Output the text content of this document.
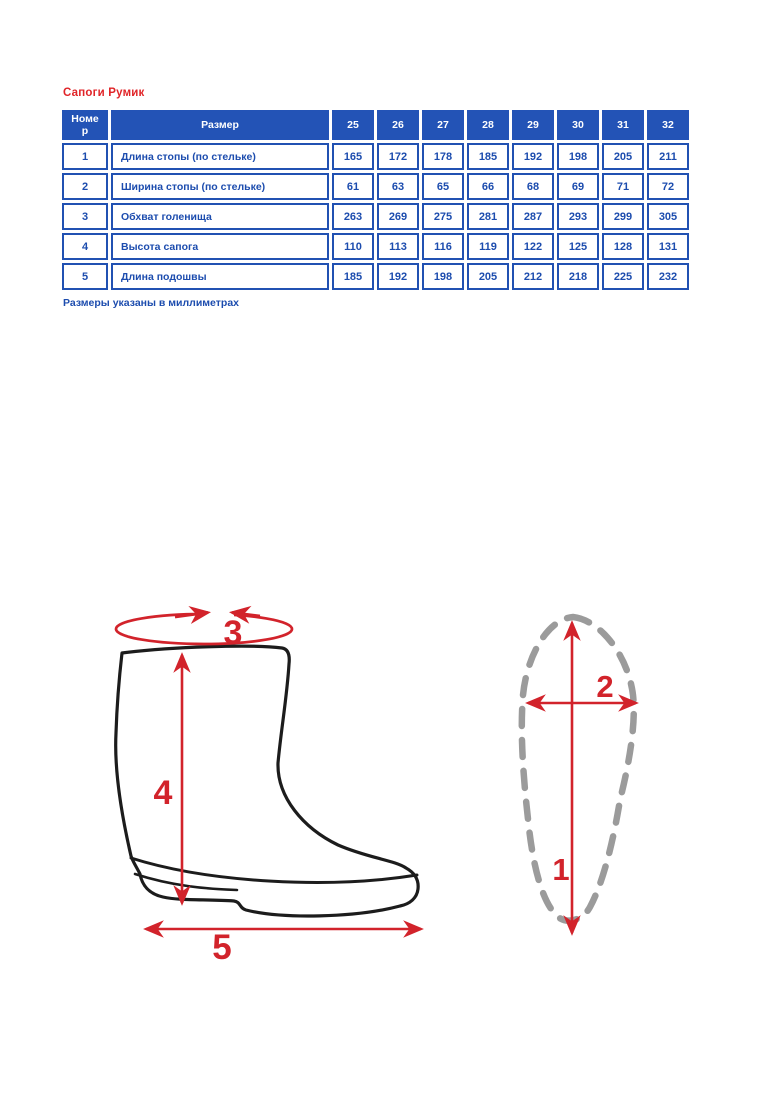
Сапоги Румик
Номер	Размер	25	26	27	28	29	30	31	32
1	Длина стопы (по стельке)	165	172	178	185	192	198	205	211
2	Ширина стопы (по стельке)	61	63	65	66	68	69	71	72
3	Обхват голенища	263	269	275	281	287	293	299	305
4	Высота сапога	110	113	116	119	122	125	128	131
5	Длина подошвы	185	192	198	205	212	218	225	232
Размеры указаны в миллиметрах
3
4
5
1
2
